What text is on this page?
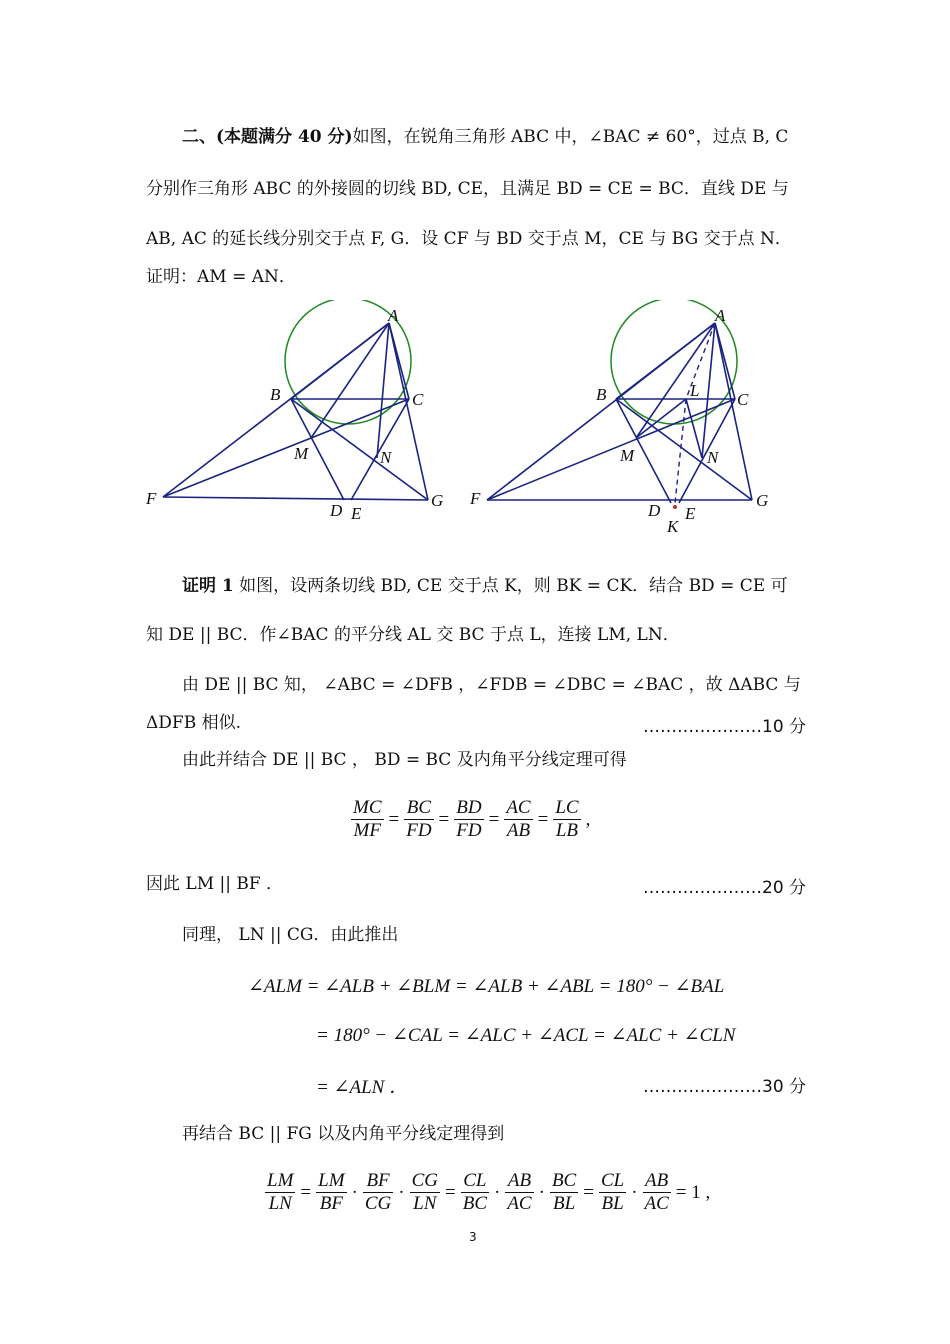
二、(本题满分 40 分)如图，在锐角三角形 ABC 中，∠BAC ≠ 60°，过点 B, C
分别作三角形 ABC 的外接圆的切线 BD, CE，且满足 BD = CE = BC．直线 DE 与
AB, AC 的延长线分别交于点 F, G．设 CF 与 BD 交于点 M，CE 与 BG 交于点 N．
证明：AM = AN．
A
B	C
M	N
F
D E
G
A
B	C
L
M	N
F
D E
K
G
证明 1 如图，设两条切线 BD, CE 交于点 K，则 BK = CK．结合 BD = CE 可
知 DE || BC．作∠BAC 的平分线 AL 交 BC 于点 L，连接 LM, LN．
由 DE || BC 知， ∠ABC = ∠DFB ，∠FDB = ∠DBC = ∠BAC ，故 ΔABC 与
ΔDFB 相似.	…………………10 分
由此并结合 DE || BC ， BD = BC 及内角平分线定理可得
$\frac{MC}{MF} = \frac{BC}{FD} = \frac{BD}{FD} = \frac{AC}{AB} = \frac{LC}{LB}$ ,
因此 LM || BF ．	…………………20 分
同理， LN || CG．由此推出
∠ALM = ∠ALB + ∠BLM = ∠ALB + ∠ABL = 180° − ∠BAL
= 180° − ∠CAL = ∠ALC + ∠ACL = ∠ALC + ∠CLN
= ∠ALN ．	…………………30 分
再结合 BC || FG 以及内角平分线定理得到
$\frac{LM}{LN} = \frac{LM}{BF} \cdot \frac{BF}{CG} \cdot \frac{CG}{LN} = \frac{CL}{BC} \cdot \frac{AB}{AC} \cdot \frac{BC}{BL} = \frac{CL}{BL} \cdot \frac{AB}{AC} = 1$ ,
3
